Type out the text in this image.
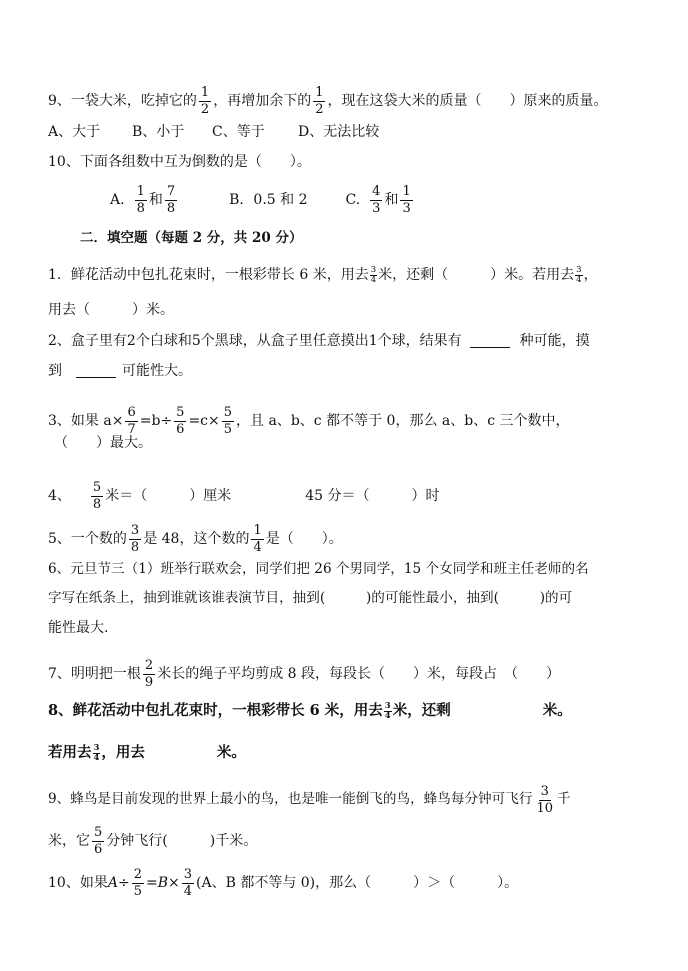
9、一袋大米，吃掉它的 $\frac{1}{2}$ ，再增加余下的 $\frac{1}{2}$ ，现在这袋大米的质量（　　）原来的质量。
A、大于	B、小于	C、等于	D、无法比较
10、下面各组数中互为倒数的是（　　）。
A. $\frac{1}{8}$ 和 $\frac{7}{8}$	B．0.5 和 2	C. $\frac{4}{3}$ 和 $\frac{1}{3}$
二．填空题（每题 2 分，共 20 分）
1．鲜花活动中包扎花束时，一根彩带长 6 米，用去 $\frac{3}{4}$ 米，还剩（　　　）米。若用去 $\frac{3}{4}$ ，
用去（　　　）米。
2、盒子里有2个白球和5个黑球，从盒子里任意摸出1个球，结果有	种可能，摸
到	可能性大。
3、如果 $a\times \frac{6}{7} =b\div \frac{5}{6} =c\times \frac{5}{5}$ ，且 a、b、c 都不等于 0，那么 a、b、c 三个数中，
（　　）最大。
4、 $\frac{5}{8}$ 米＝（　　　）厘米	45 分＝（　　　）时
5、一个数的 $\frac{3}{8}$ 是 48，这个数的 $\frac{1}{4}$ 是（　　）。
6、元旦节三（1）班举行联欢会，同学们把 26 个男同学，15 个女同学和班主任老师的名
字写在纸条上，抽到谁就该谁表演节目，抽到(　　　)的可能性最小，抽到(　　　)的可
能性最大.
7、明明把一根 $\frac{2}{9}$ 米长的绳子平均剪成 8 段，每段长（　　）米，每段占　（　　）
8、鲜花活动中包扎花束时，一根彩带长 6 米，用去 $\frac{3}{4}$ 米，还剩	米。
若用去 $\frac{3}{4}$ ，用去	米。
9、蜂鸟是目前发现的世界上最小的鸟，也是唯一能倒飞的鸟，蜂鸟每分钟可飞行 $\frac{3}{10}$ 千
米，它 $\frac{5}{6}$ 分钟飞行(　　　)千米。
10、如果 $A \div \frac{2}{5} = B \times \frac{3}{4} (A$、B 都不等与 0)，那么（　　　）＞（　　　）。
